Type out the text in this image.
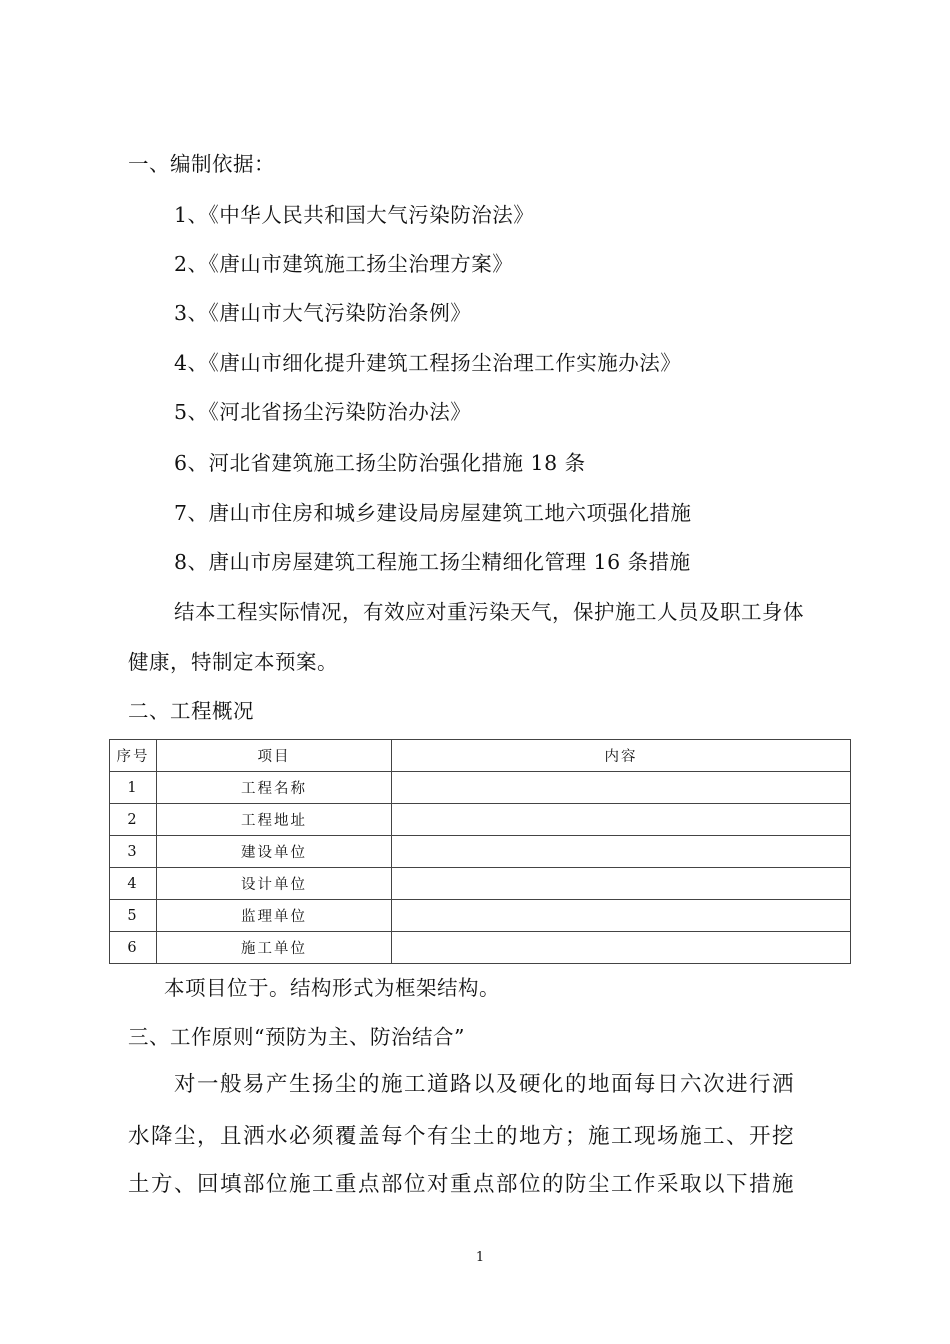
一、编制依据：
1、《中华人民共和国大气污染防治法》
2、《唐山市建筑施工扬尘治理方案》
3、《唐山市大气污染防治条例》
4、《唐山市细化提升建筑工程扬尘治理工作实施办法》
5、《河北省扬尘污染防治办法》
6、河北省建筑施工扬尘防治强化措施 18 条
7、唐山市住房和城乡建设局房屋建筑工地六项强化措施
8、唐山市房屋建筑工程施工扬尘精细化管理 16 条措施
结本工程实际情况，有效应对重污染天气，保护施工人员及职工身体
健康，特制定本预案。
二、工程概况
序号	项目	内容
1	工程名称	
2	工程地址	
3	建设单位	
4	设计单位	
5	监理单位	
6	施工单位	
本项目位于。结构形式为框架结构。
三、工作原则“预防为主、防治结合”
对一般易产生扬尘的施工道路以及硬化的地面每日六次进行洒
水降尘，且洒水必须覆盖每个有尘土的地方；施工现场施工、开挖
土方、回填部位施工重点部位对重点部位的防尘工作采取以下措施
1
